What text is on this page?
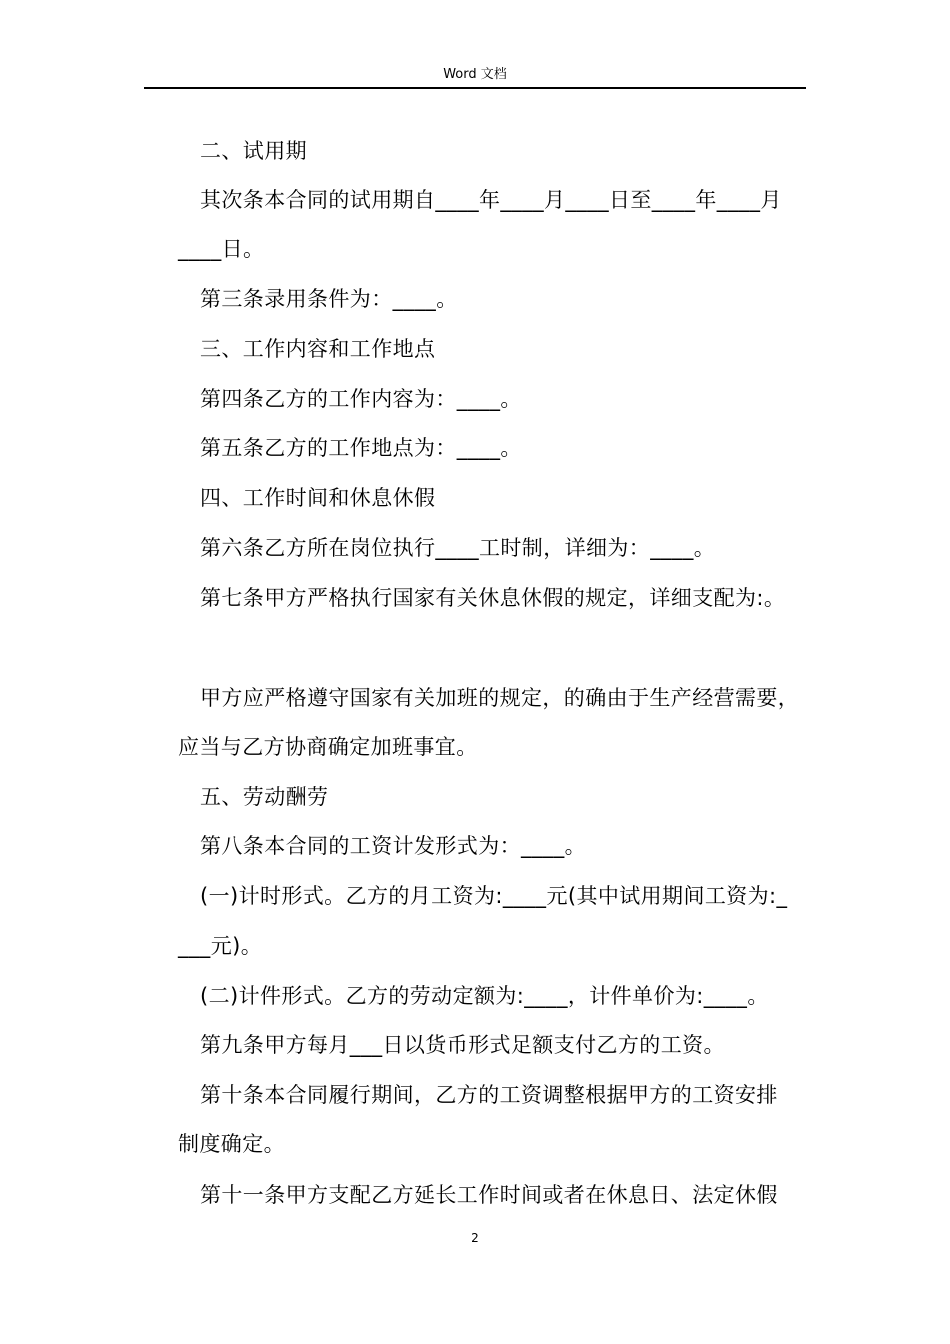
Word 文档
二、试用期
其次条本合同的试用期自____年____月____日至____年____月
____日。
第三条录用条件为：____。
三、工作内容和工作地点
第四条乙方的工作内容为：____。
第五条乙方的工作地点为：____。
四、工作时间和休息休假
第六条乙方所在岗位执行____工时制，详细为：____。
第七条甲方严格执行国家有关休息休假的规定，详细支配为:。
甲方应严格遵守国家有关加班的规定，的确由于生产经营需要，
应当与乙方协商确定加班事宜。
五、劳动酬劳
第八条本合同的工资计发形式为：____。
(一)计时形式。乙方的月工资为:____元(其中试用期间工资为:_
___元)。
(二)计件形式。乙方的劳动定额为:____，计件单价为:____。
第九条甲方每月___日以货币形式足额支付乙方的工资。
第十条本合同履行期间，乙方的工资调整根据甲方的工资安排
制度确定。
第十一条甲方支配乙方延长工作时间或者在休息日、法定休假
2
